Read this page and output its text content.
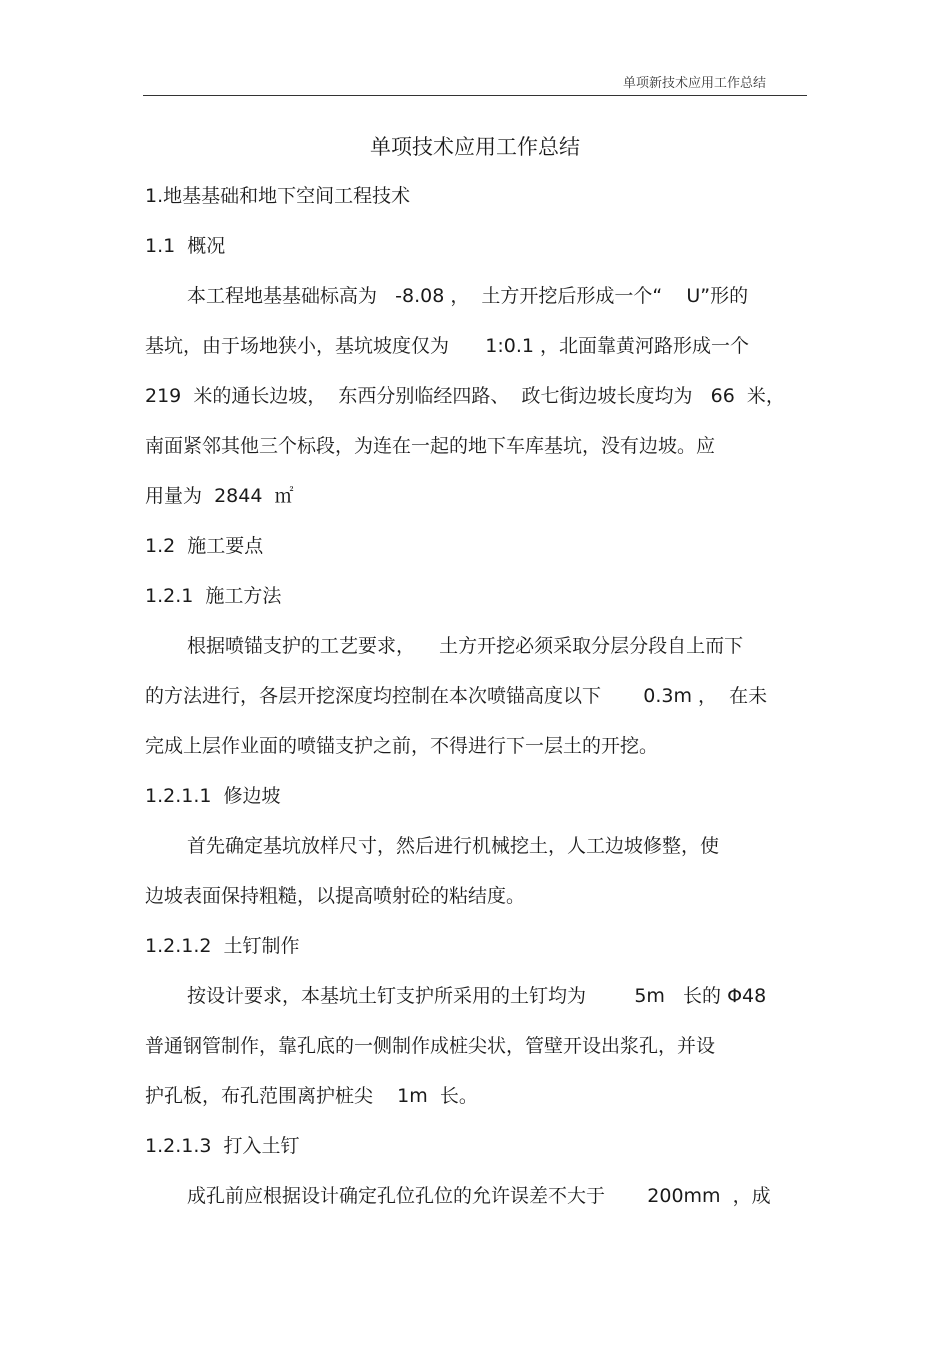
单项新技术应用工作总结
单项技术应用工作总结
1.地基基础和地下空间工程技术
1.1  概况
本工程地基基础标高为   -8.08 ，  土方开挖后形成一个“    U”形的
基坑，由于场地狭小，基坑坡度仅为      1:0.1 ，北面靠黄河路形成一个
219  米的通长边坡，  东西分别临经四路、  政七街边坡长度均为   66  米，
南面紧邻其他三个标段，为连在一起的地下车库基坑，没有边坡。应
用量为  2844  ㎡
1.2  施工要点
1.2.1  施工方法
根据喷锚支护的工艺要求，    土方开挖必须采取分层分段自上而下
的方法进行，各层开挖深度均控制在本次喷锚高度以下       0.3m ，  在未
完成上层作业面的喷锚支护之前，不得进行下一层土的开挖。
1.2.1.1  修边坡
首先确定基坑放样尺寸，然后进行机械挖土，人工边坡修整，使
边坡表面保持粗糙，以提高喷射砼的粘结度。
1.2.1.2  土钉制作
按设计要求，本基坑土钉支护所采用的土钉均为        5m   长的 Φ48
普通钢管制作，靠孔底的一侧制作成桩尖状，管壁开设出浆孔，并设
护孔板，布孔范围离护桩尖    1m  长。
1.2.1.3  打入土钉
成孔前应根据设计确定孔位孔位的允许误差不大于       200mm  ，成
